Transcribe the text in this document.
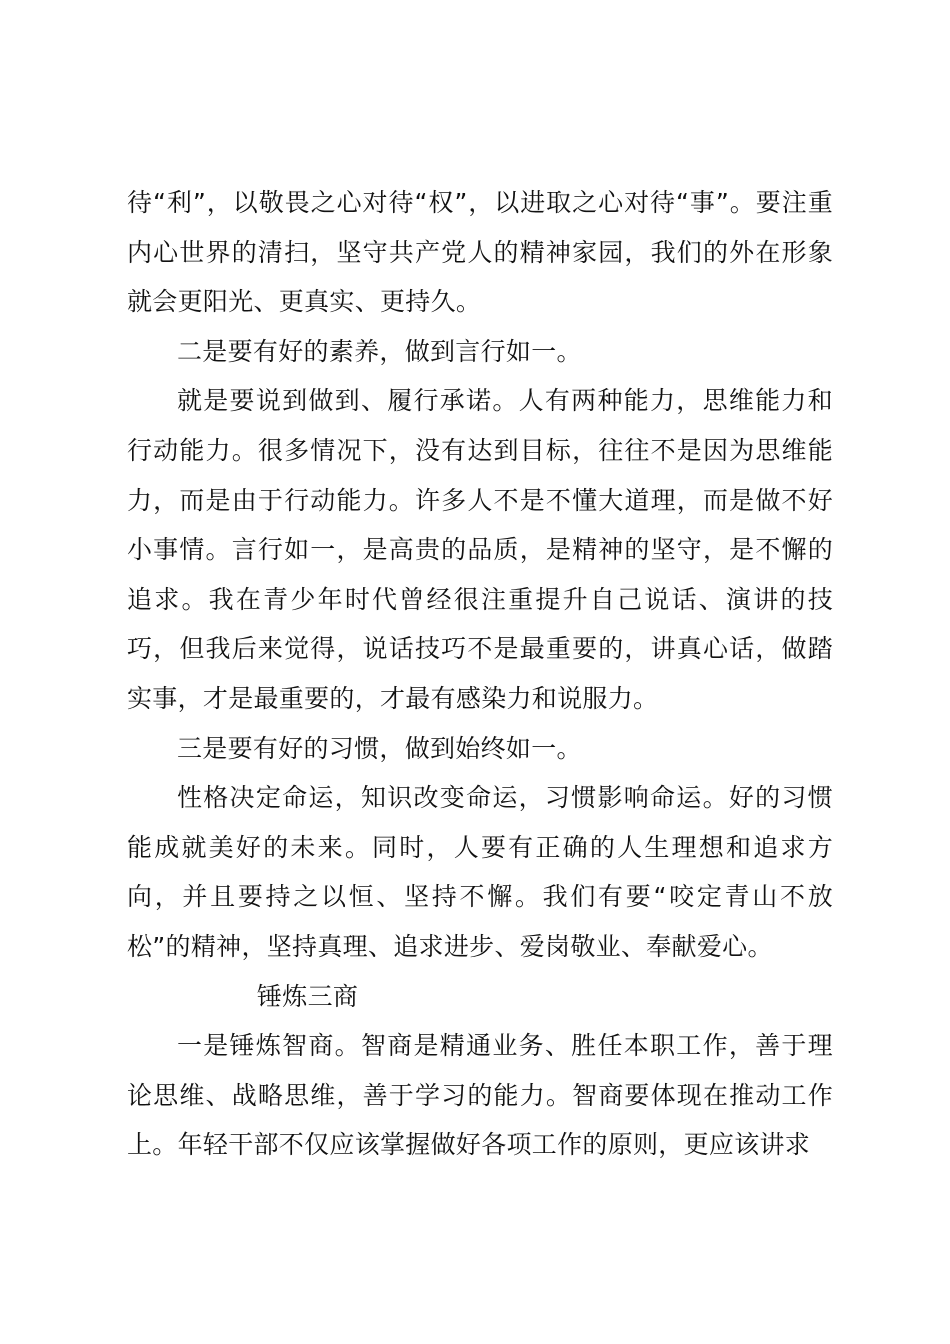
待“利”，以敬畏之心对待“权”，以进取之心对待“事”。要注重内心世界的清扫，坚守共产党人的精神家园，我们的外在形象就会更阳光、更真实、更持久。

二是要有好的素养，做到言行如一。

就是要说到做到、履行承诺。人有两种能力，思维能力和行动能力。很多情况下，没有达到目标，往往不是因为思维能力，而是由于行动能力。许多人不是不懂大道理，而是做不好小事情。言行如一，是高贵的品质，是精神的坚守，是不懈的追求。我在青少年时代曾经很注重提升自己说话、演讲的技巧，但我后来觉得，说话技巧不是最重要的，讲真心话，做踏实事，才是最重要的，才最有感染力和说服力。

三是要有好的习惯，做到始终如一。

性格决定命运，知识改变命运，习惯影响命运。好的习惯能成就美好的未来。同时，人要有正确的人生理想和追求方向，并且要持之以恒、坚持不懈。我们有要“咬定青山不放松”的精神，坚持真理、追求进步、爱岗敬业、奉献爱心。

锤炼三商

一是锤炼智商。智商是精通业务、胜任本职工作，善于理论思维、战略思维，善于学习的能力。智商要体现在推动工作上。年轻干部不仅应该掌握做好各项工作的原则，更应该讲求
